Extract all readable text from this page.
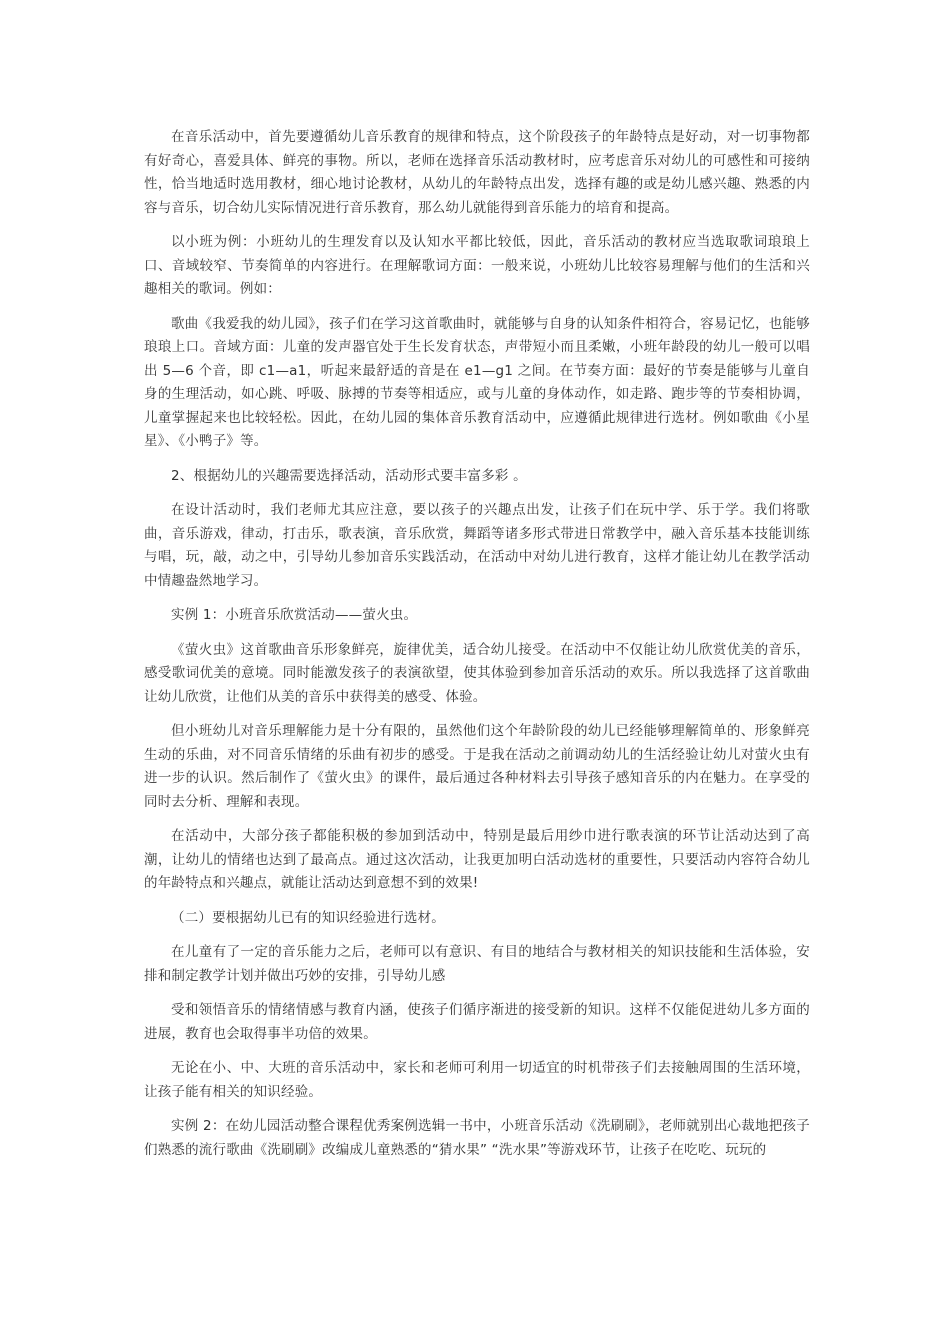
在音乐活动中，首先要遵循幼儿音乐教育的规律和特点，这个阶段孩子的年龄特点是好动，对一切事物都有好奇心，喜爱具体、鲜亮的事物。所以，老师在选择音乐活动教材时，应考虑音乐对幼儿的可感性和可接纳性，恰当地适时选用教材，细心地讨论教材，从幼儿的年龄特点出发，选择有趣的或是幼儿感兴趣、熟悉的内容与音乐，切合幼儿实际情况进行音乐教育，那么幼儿就能得到音乐能力的培育和提高。

以小班为例：小班幼儿的生理发育以及认知水平都比较低，因此，音乐活动的教材应当选取歌词琅琅上口、音域较窄、节奏简单的内容进行。在理解歌词方面：一般来说，小班幼儿比较容易理解与他们的生活和兴趣相关的歌词。例如：

歌曲《我爱我的幼儿园》，孩子们在学习这首歌曲时，就能够与自身的认知条件相符合，容易记忆，也能够琅琅上口。音域方面：儿童的发声器官处于生长发育状态，声带短小而且柔嫩，小班年龄段的幼儿一般可以唱出 5—6 个音，即 c1—a1，听起来最舒适的音是在 e1—g1 之间。在节奏方面：最好的节奏是能够与儿童自身的生理活动，如心跳、呼吸、脉搏的节奏等相适应，或与儿童的身体动作，如走路、跑步等的节奏相协调，儿童掌握起来也比较轻松。因此，在幼儿园的集体音乐教育活动中，应遵循此规律进行选材。例如歌曲《小星星》、《小鸭子》等。

2、根据幼儿的兴趣需要选择活动，活动形式要丰富多彩 。

在设计活动时，我们老师尤其应注意，要以孩子的兴趣点出发，让孩子们在玩中学、乐于学。我们将歌曲，音乐游戏，律动，打击乐，歌表演，音乐欣赏，舞蹈等诸多形式带进日常教学中，融入音乐基本技能训练与唱，玩，敲，动之中，引导幼儿参加音乐实践活动，在活动中对幼儿进行教育，这样才能让幼儿在教学活动中情趣盎然地学习。

实例 1：小班音乐欣赏活动——萤火虫。

《萤火虫》这首歌曲音乐形象鲜亮，旋律优美，适合幼儿接受。在活动中不仅能让幼儿欣赏优美的音乐，感受歌词优美的意境。同时能激发孩子的表演欲望，使其体验到参加音乐活动的欢乐。所以我选择了这首歌曲让幼儿欣赏，让他们从美的音乐中获得美的感受、体验。

但小班幼儿对音乐理解能力是十分有限的，虽然他们这个年龄阶段的幼儿已经能够理解简单的、形象鲜亮生动的乐曲，对不同音乐情绪的乐曲有初步的感受。于是我在活动之前调动幼儿的生活经验让幼儿对萤火虫有进一步的认识。然后制作了《萤火虫》的课件，最后通过各种材料去引导孩子感知音乐的内在魅力。在享受的同时去分析、理解和表现。

在活动中，大部分孩子都能积极的参加到活动中，特别是最后用纱巾进行歌表演的环节让活动达到了高潮，让幼儿的情绪也达到了最高点。通过这次活动，让我更加明白活动选材的重要性，只要活动内容符合幼儿的年龄特点和兴趣点，就能让活动达到意想不到的效果!

（二）要根据幼儿已有的知识经验进行选材。

在儿童有了一定的音乐能力之后，老师可以有意识、有目的地结合与教材相关的知识技能和生活体验，安排和制定教学计划并做出巧妙的安排，引导幼儿感

受和领悟音乐的情绪情感与教育内涵，使孩子们循序渐进的接受新的知识。这样不仅能促进幼儿多方面的进展，教育也会取得事半功倍的效果。

无论在小、中、大班的音乐活动中，家长和老师可利用一切适宜的时机带孩子们去接触周围的生活环境，让孩子能有相关的知识经验。

实例 2：在幼儿园活动整合课程优秀案例选辑一书中，小班音乐活动《洗刷刷》，老师就别出心裁地把孩子们熟悉的流行歌曲《洗刷刷》改编成儿童熟悉的“猜水果” “洗水果”等游戏环节，让孩子在吃吃、玩玩的
